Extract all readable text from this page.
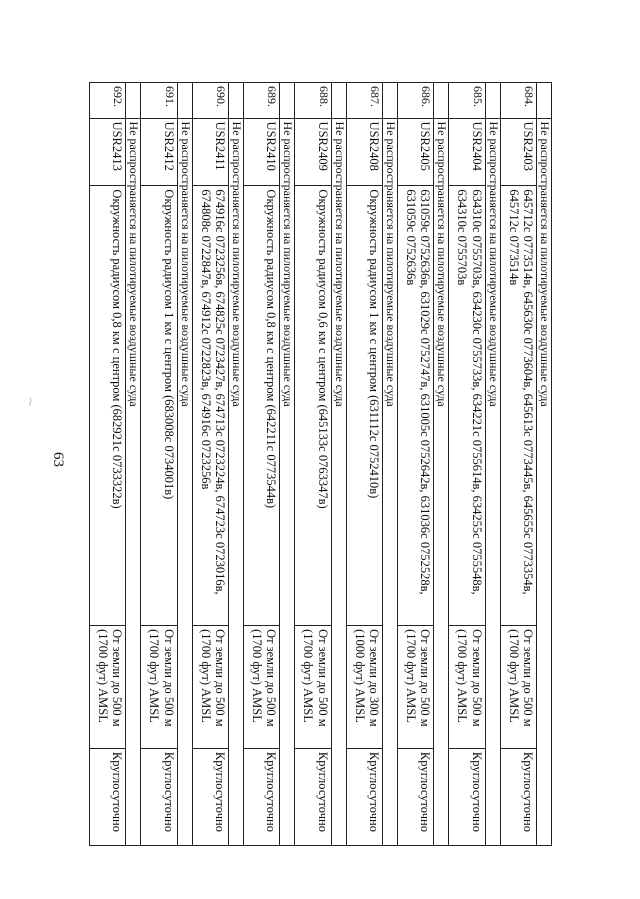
63
	Не распространяется на пилотируемые воздушные суда			
684.	USR2403	645712с 0773514в, 645630с 0773604в, 645613с 0773445в, 645655с 0773354в, 645712с 0773514в	От земли до 500 м (1700 фут) AMSL	Круглосуточно
	Не распространяется на пилотируемые воздушные суда			
685.	USR2404	634310с 0755703в, 634230с 0755733в, 634221с 0755614в, 634255с 0755548в, 634310с 0755703в	От земли до 500 м (1700 фут) AMSL	Круглосуточно
	Не распространяется на пилотируемые воздушные суда			
686.	USR2405	631059с 0752636в, 631029с 0752747в, 631005с 0752642в, 631036с 0752528в, 631059с 0752636в	От земли до 500 м (1700 фут) AMSL	Круглосуточно
	Не распространяется на пилотируемые воздушные суда			
687.	USR2408	Окружность радиусом 1 км с центром (631112с 0752410в)	От земли до 300 м (1000 фут) AMSL	Круглосуточно
	Не распространяется на пилотируемые воздушные суда			
688.	USR2409	Окружность радиусом 0,6 км с центром (645133с 0763347в)	От земли до 500 м (1700 фут) AMSL	Круглосуточно
	Не распространяется на пилотируемые воздушные суда			
689.	USR2410	Окружность радиусом 0,8 км с центром (642211с 0773544в)	От земли до 500 м (1700 фут) AMSL	Круглосуточно
	Не распространяется на пилотируемые воздушные суда			
690.	USR2411	674916с 0723256в, 674825с 0723427в, 674713с 0723224в, 674723с 0723016в, 674808с 0722847в, 674912с 0722823в, 674916с 0723256в	От земли до 500 м (1700 фут) AMSL	Круглосуточно
	Не распространяется на пилотируемые воздушные суда			
691.	USR2412	Окружность радиусом 1 км с центром (683008с 0734001в)	От земли до 500 м (1700 фут) AMSL	Круглосуточно
	Не распространяется на пилотируемые воздушные суда			
692.	USR2413	Окружность радиусом 0,8 км с центром (682921с 0733322в)	От земли до 500 м (1700 фут) AMSL	Круглосуточно
